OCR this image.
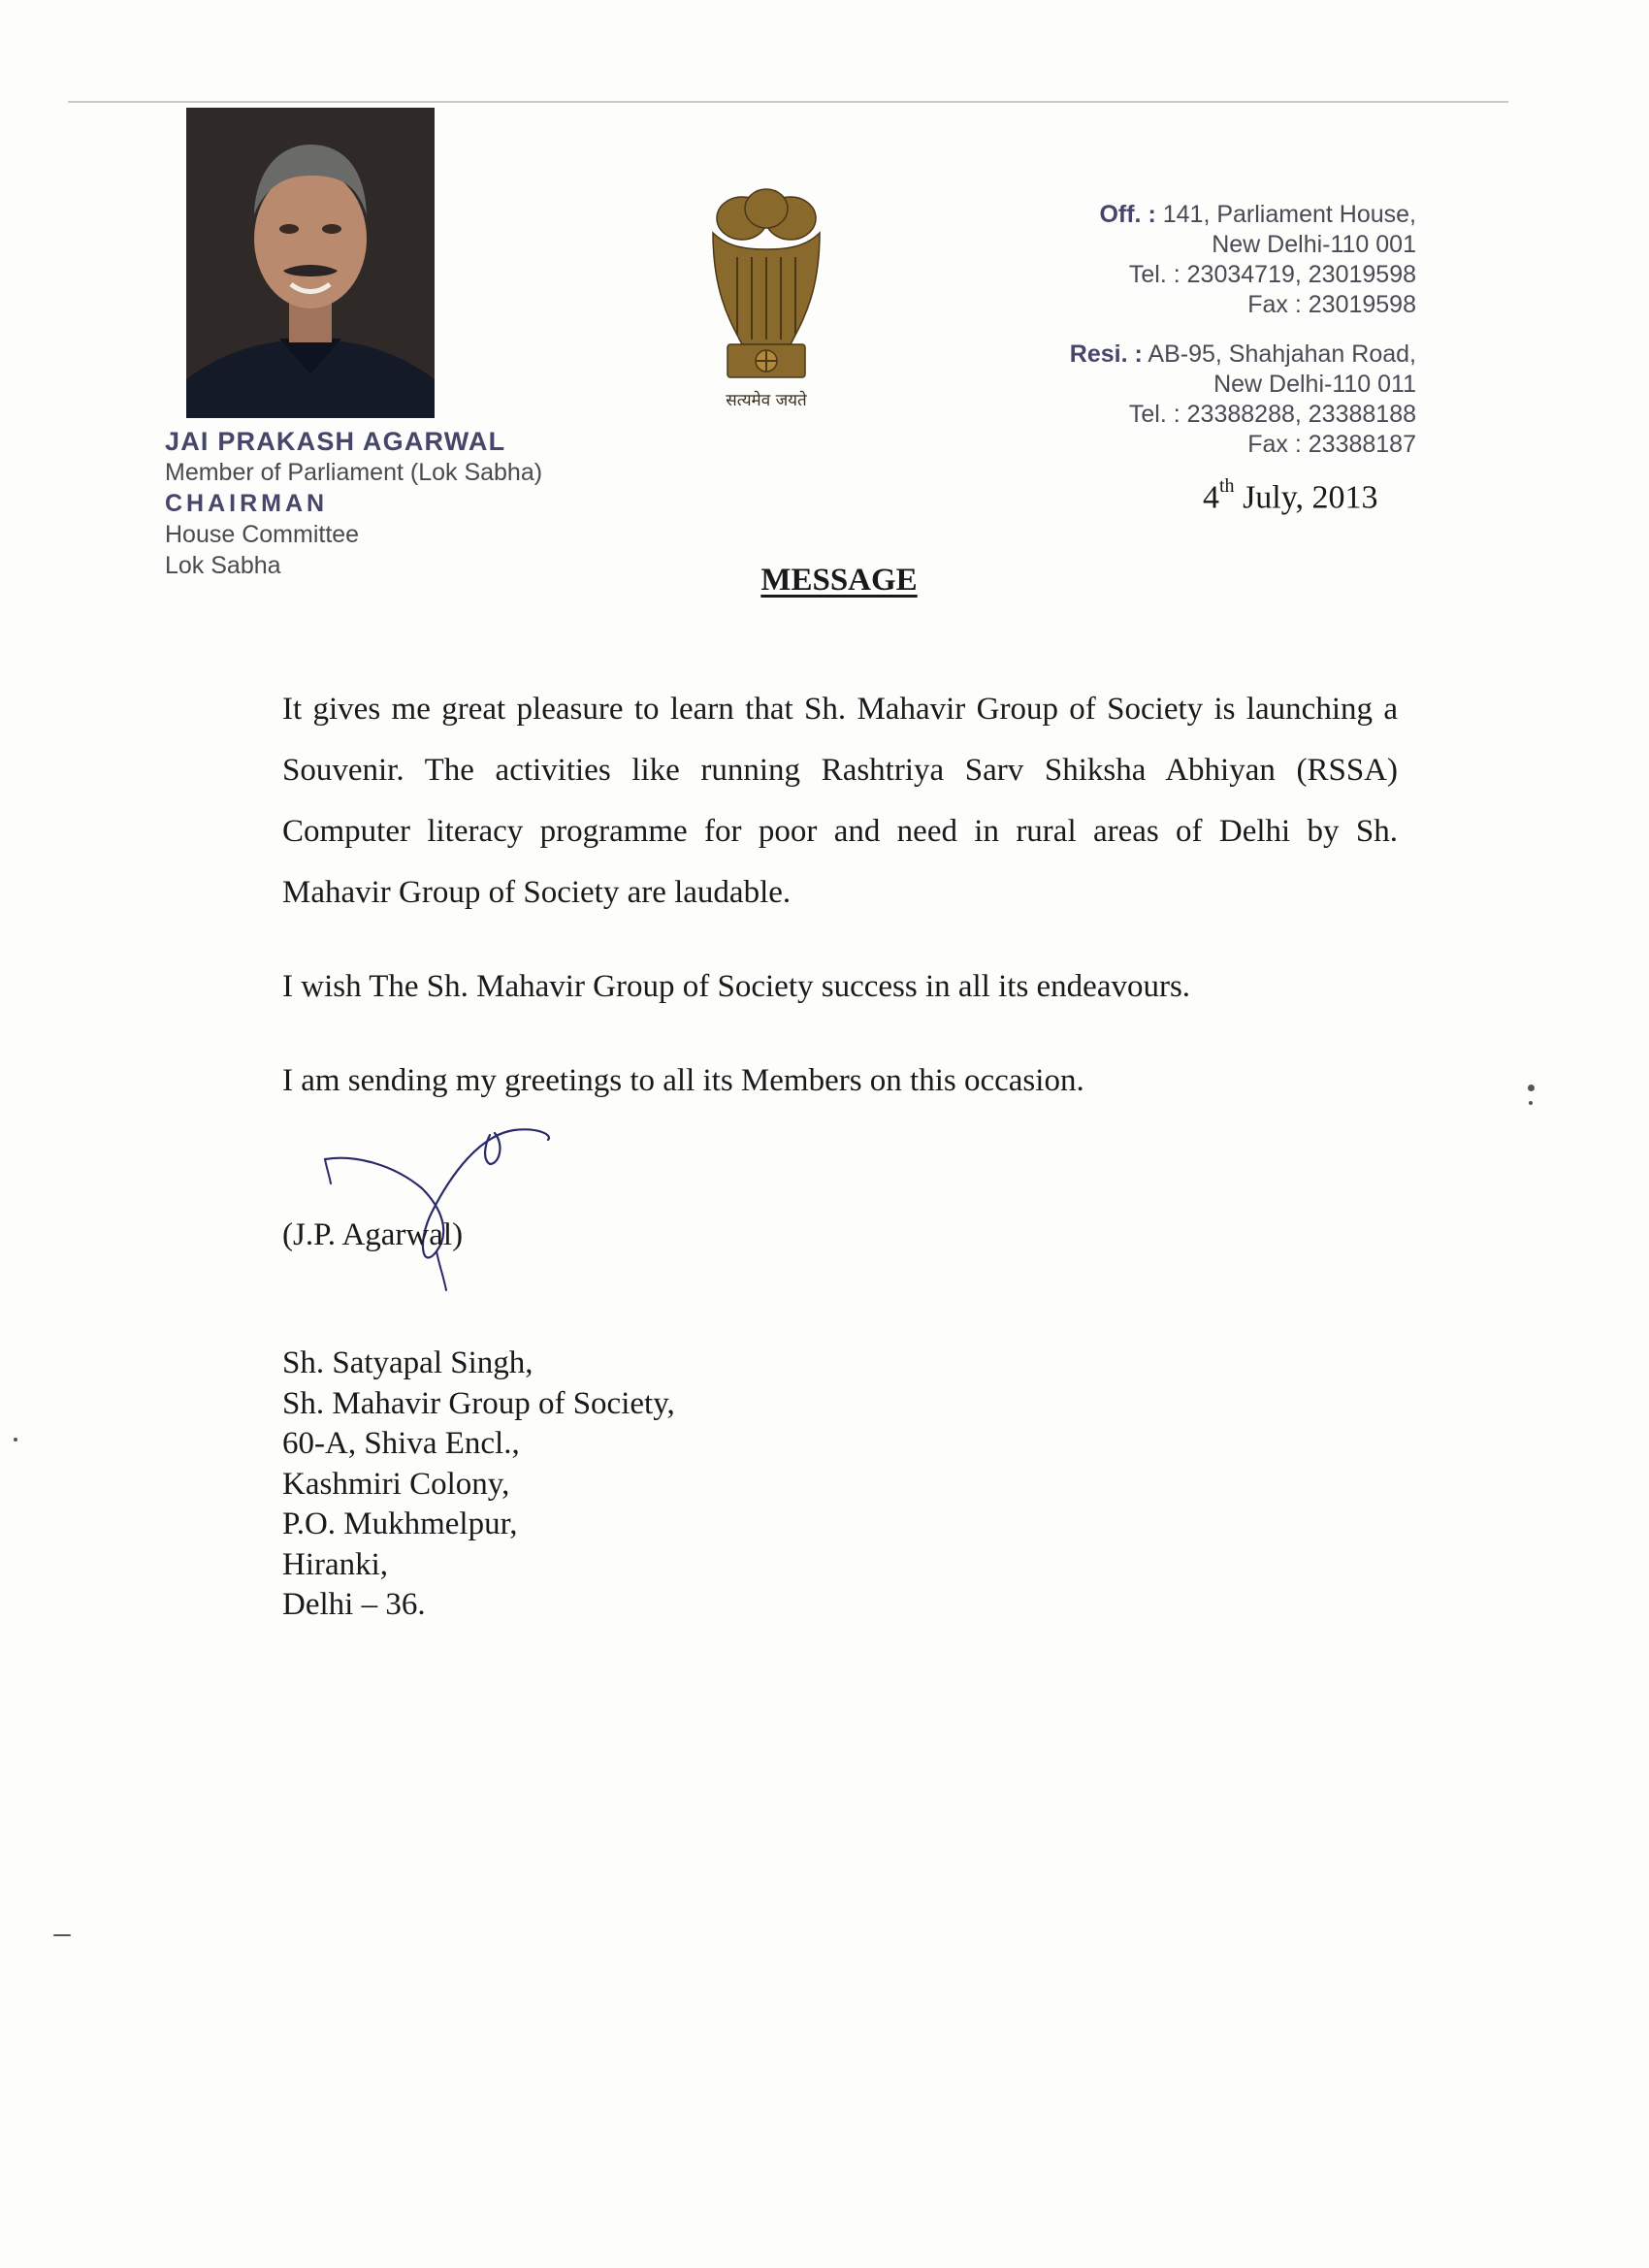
JAI PRAKASH AGARWAL
Member of Parliament (Lok Sabha)
CHAIRMAN
House Committee
Lok Sabha
सत्यमेव जयते
Off. : 141, Parliament House,
New Delhi-110 001
Tel. : 23034719, 23019598
Fax : 23019598
Resi. : AB-95, Shahjahan Road,
New Delhi-110 011
Tel. : 23388288, 23388188
Fax : 23388187
4th July, 2013
MESSAGE

It gives me great pleasure to learn that Sh. Mahavir Group of Society is launching a Souvenir. The activities like running Rashtriya Sarv Shiksha Abhiyan (RSSA) Computer literacy programme for poor and need in rural areas of Delhi by Sh. Mahavir Group of Society are laudable.

I wish The Sh. Mahavir Group of Society success in all its endeavours.

I am sending my greetings to all its Members on this occasion.

(J.P. Agarwal)
Sh. Satyapal Singh,
Sh. Mahavir Group of Society,
60-A, Shiva Encl.,
Kashmiri Colony,
P.O. Mukhmelpur,
Hiranki,
Delhi – 36.
